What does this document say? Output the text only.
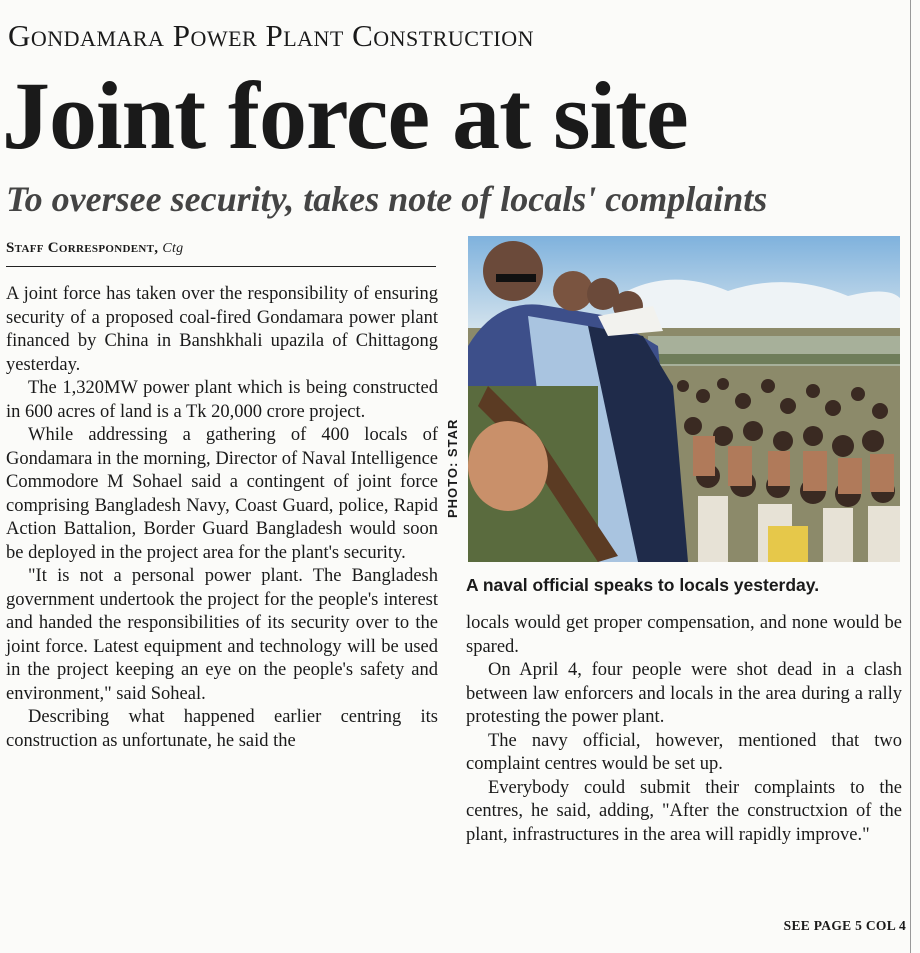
Gondamara Power Plant Construction
Joint force at site
To oversee security, takes note of locals' complaints
Staff Correspondent, Ctg

A joint force has taken over the responsibility of ensuring security of a proposed coal-fired Gondamara power plant financed by China in Banshkhali upazila of Chittagong yesterday.

The 1,320MW power plant which is being constructed in 600 acres of land is a Tk 20,000 crore project.

While addressing a gathering of 400 locals of Gondamara in the morning, Director of Naval Intelligence Commodore M Sohael said a contingent of joint force comprising Bangladesh Navy, Coast Guard, police, Rapid Action Battalion, Border Guard Bangladesh would soon be deployed in the project area for the plant's security.

"It is not a personal power plant. The Bangladesh government undertook the project for the people's interest and handed the responsibilities of its security over to the joint force. Latest equipment and technology will be used in the project keeping an eye on the people's safety and environment," said Soheal.

Describing what happened earlier centring its construction as unfortunate, he said the

PHOTO: STAR
A naval official speaks to locals yesterday.

locals would get proper compensation, and none would be spared.

On April 4, four people were shot dead in a clash between law enforcers and locals in the area during a rally protesting the power plant.

The navy official, however, mentioned that two complaint centres would be set up.

Everybody could submit their complaints to the centres, he said, adding, "After the constructxion of the plant, infrastructures in the area will rapidly improve."

SEE PAGE 5 COL 4
